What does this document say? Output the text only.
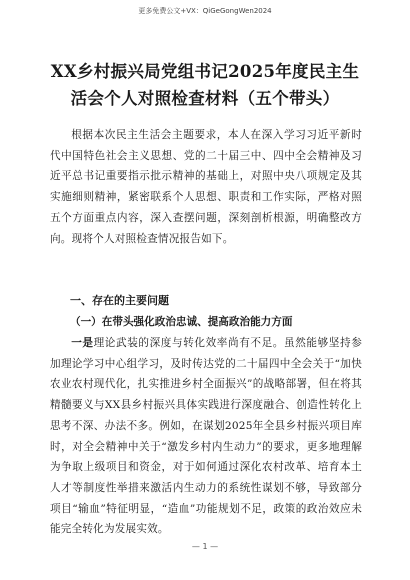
更多免费公文+VX：QiGeGongWen2024
XX乡村振兴局党组书记2025年度民主生活会个人对照检查材料（五个带头）
根据本次民主生活会主题要求，本人在深入学习习近平新时代中国特色社会主义思想、党的二十届三中、四中全会精神及习近平总书记重要指示批示精神的基础上，对照中央八项规定及其实施细则精神，紧密联系个人思想、职责和工作实际，严格对照五个方面重点内容，深入查摆问题，深刻剖析根源，明确整改方向。现将个人对照检查情况报告如下。
一、存在的主要问题
（一）在带头强化政治忠诚、提高政治能力方面
一是理论武装的深度与转化效率尚有不足。虽然能够坚持参加理论学习中心组学习，及时传达党的二十届四中全会关于“加快农业农村现代化，扎实推进乡村全面振兴”的战略部署，但在将其精髓要义与XX县乡村振兴具体实践进行深度融合、创造性转化上思考不深、办法不多。例如，在谋划2025年全县乡村振兴项目库时，对全会精神中关于“激发乡村内生动力”的要求，更多地理解为争取上级项目和资金，对于如何通过深化农村改革、培育本土人才等制度性举措来激活内生动力的系统性谋划不够，导致部分项目“输血”特征明显，“造血”功能规划不足，政策的政治效应未能完全转化为发展实效。
— 1 —
